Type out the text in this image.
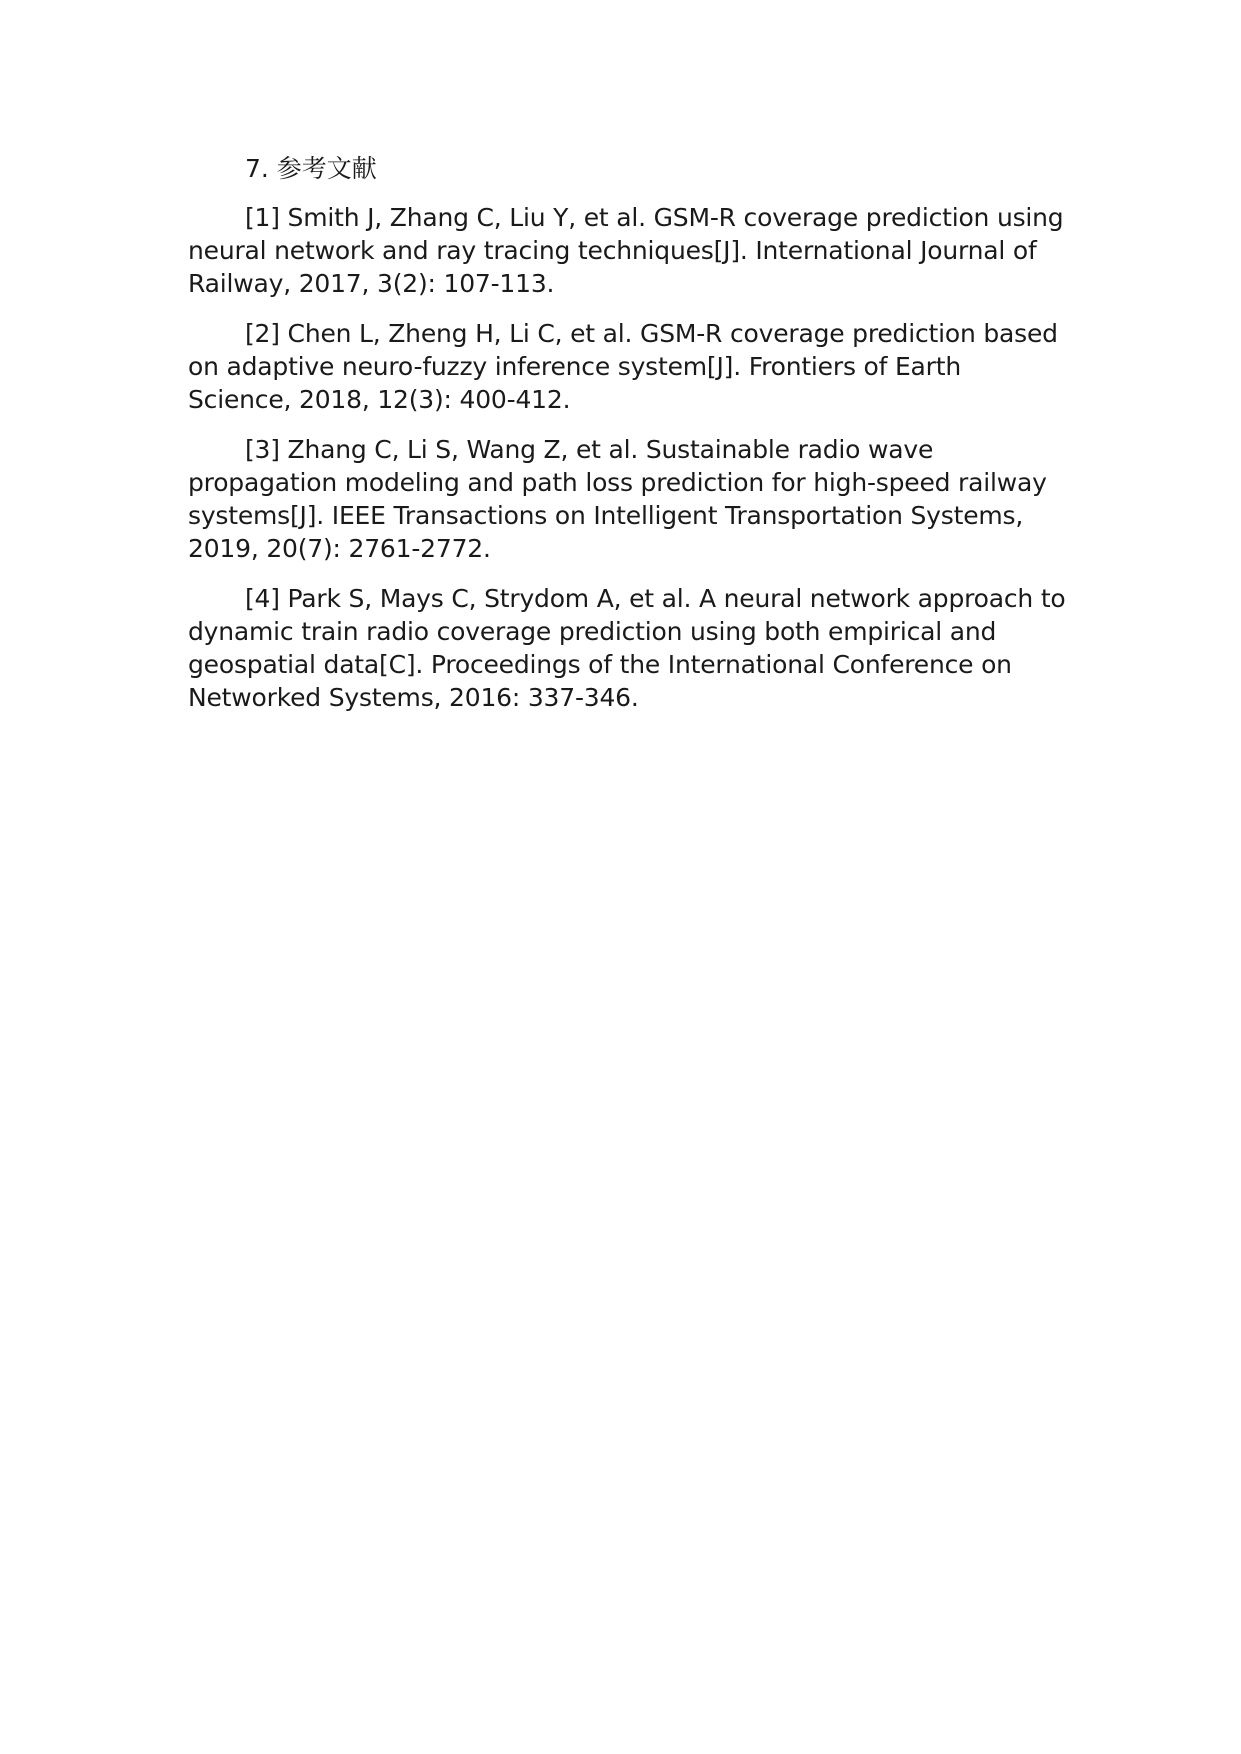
7. 参考文献

[1] Smith J, Zhang C, Liu Y, et al. GSM-R coverage prediction using neural network and ray tracing techniques[J]. International Journal of Railway, 2017, 3(2): 107-113.

[2] Chen L, Zheng H, Li C, et al. GSM-R coverage prediction based on adaptive neuro-fuzzy inference system[J]. Frontiers of Earth Science, 2018, 12(3): 400-412.

[3] Zhang C, Li S, Wang Z, et al. Sustainable radio wave propagation modeling and path loss prediction for high-speed railway systems[J]. IEEE Transactions on Intelligent Transportation Systems, 2019, 20(7): 2761-2772.

[4] Park S, Mays C, Strydom A, et al. A neural network approach to dynamic train radio coverage prediction using both empirical and geospatial data[C]. Proceedings of the International Conference on Networked Systems, 2016: 337-346.
